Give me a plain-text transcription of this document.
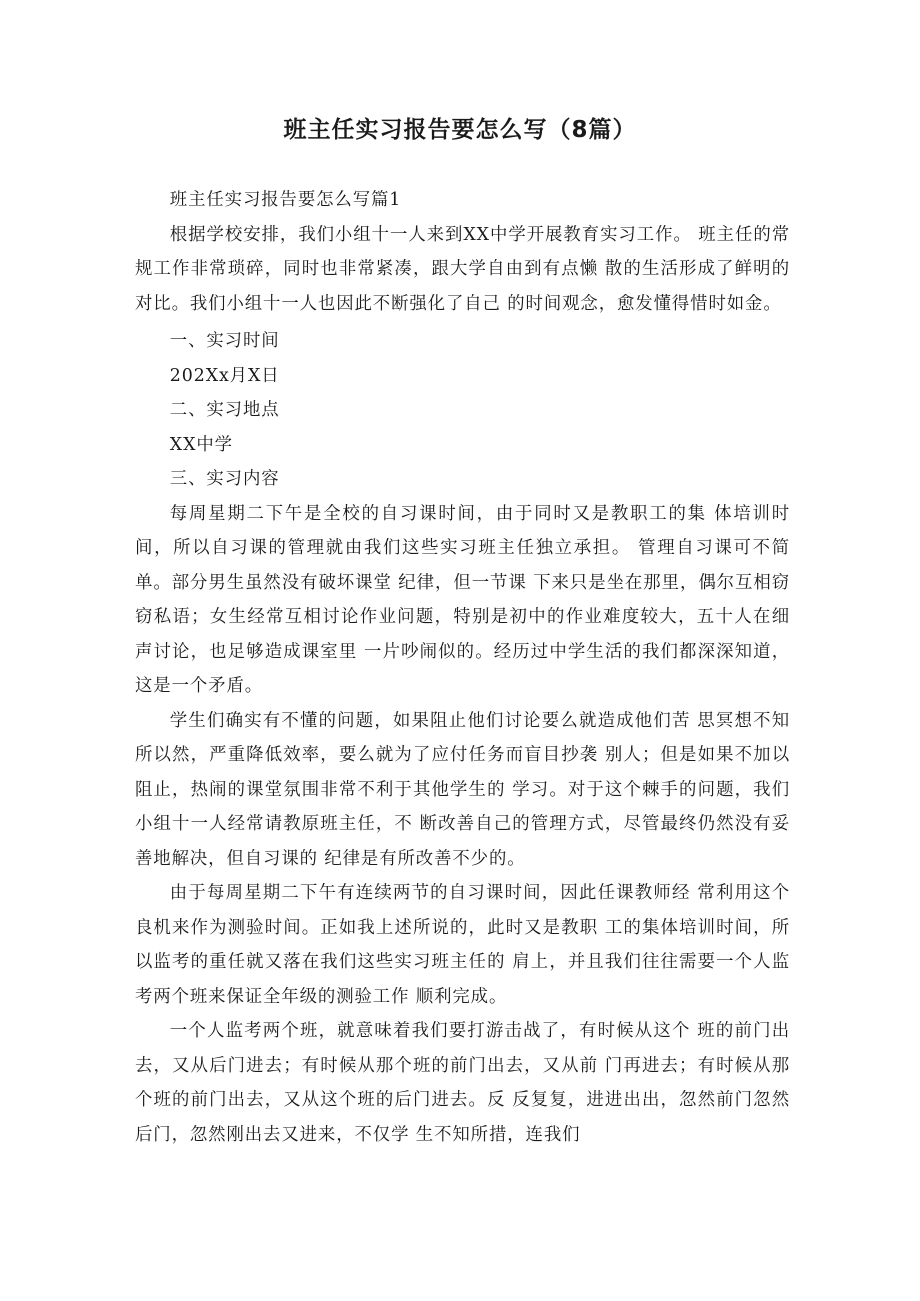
班主任实习报告要怎么写（8篇）

班主任实习报告要怎么写篇1

根据学校安排，我们小组十一人来到XX中学开展教育实习工作。 班主任的常规工作非常琐碎，同时也非常紧凑，跟大学自由到有点懒 散的生活形成了鲜明的对比。我们小组十一人也因此不断强化了自己 的时间观念，愈发懂得惜时如金。

一、实习时间

202Xx月X日

二、实习地点

XX中学

三、实习内容

每周星期二下午是全校的自习课时间，由于同时又是教职工的集 体培训时间，所以自习课的管理就由我们这些实习班主任独立承担。 管理自习课可不简单。部分男生虽然没有破坏课堂 纪律，但一节课 下来只是坐在那里，偶尔互相窃窃私语；女生经常互相讨论作业问题，特别是初中的作业难度较大，五十人在细声讨论，也足够造成课室里 一片吵闹似的。经历过中学生活的我们都深深知道，这是一个矛盾。

学生们确实有不懂的问题，如果阻止他们讨论要么就造成他们苦 思冥想不知所以然，严重降低效率，要么就为了应付任务而盲目抄袭 别人；但是如果不加以阻止，热闹的课堂氛围非常不利于其他学生的 学习。对于这个棘手的问题，我们小组十一人经常请教原班主任，不 断改善自己的管理方式，尽管最终仍然没有妥善地解决，但自习课的 纪律是有所改善不少的。

由于每周星期二下午有连续两节的自习课时间，因此任课教师经 常利用这个良机来作为测验时间。正如我上述所说的，此时又是教职 工的集体培训时间，所以监考的重任就又落在我们这些实习班主任的 肩上，并且我们往往需要一个人监考两个班来保证全年级的测验工作 顺利完成。

一个人监考两个班，就意味着我们要打游击战了，有时候从这个 班的前门出去，又从后门进去；有时候从那个班的前门出去，又从前 门再进去；有时候从那个班的前门出去，又从这个班的后门进去。反 反复复，进进出出，忽然前门忽然后门，忽然刚出去又进来，不仅学 生不知所措，连我们
